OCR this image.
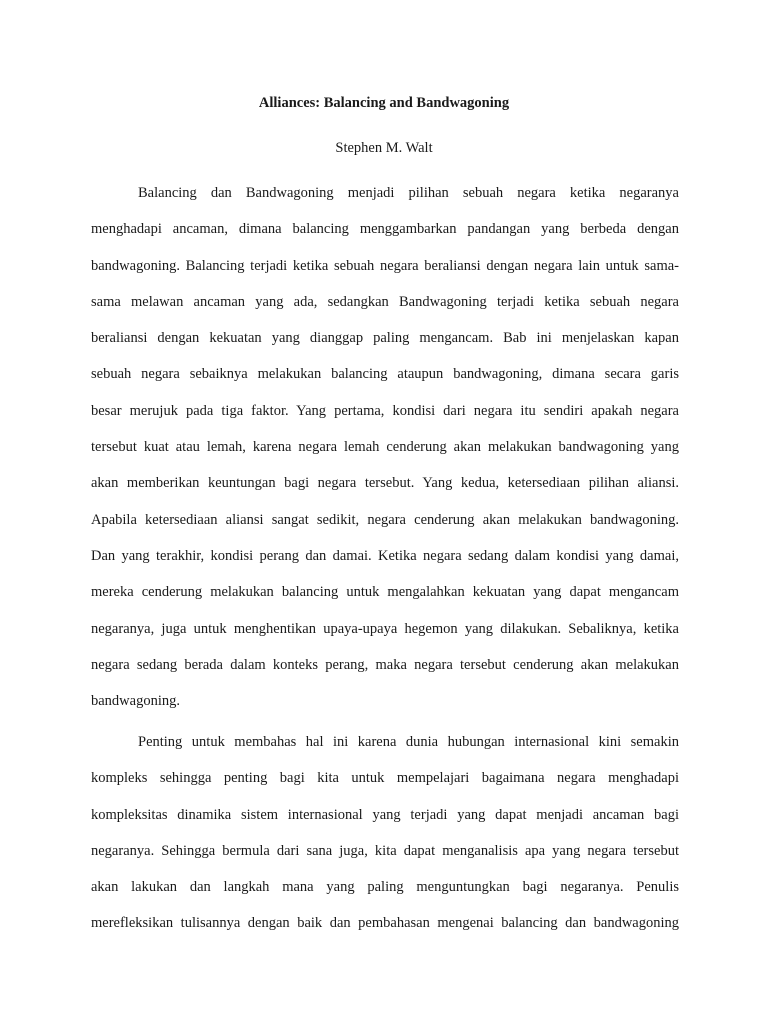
Alliances: Balancing and Bandwagoning

Stephen M. Walt

Balancing dan Bandwagoning menjadi pilihan sebuah negara ketika negaranya
menghadapi ancaman, dimana balancing menggambarkan pandangan yang berbeda dengan
bandwagoning. Balancing terjadi ketika sebuah negara beraliansi dengan negara lain untuk sama-
sama melawan ancaman yang ada, sedangkan Bandwagoning terjadi ketika sebuah negara
beraliansi dengan kekuatan yang dianggap paling mengancam. Bab ini menjelaskan kapan
sebuah negara sebaiknya melakukan balancing ataupun bandwagoning, dimana secara garis
besar merujuk pada tiga faktor. Yang pertama, kondisi dari negara itu sendiri apakah negara
tersebut kuat atau lemah, karena negara lemah cenderung akan melakukan bandwagoning yang
akan memberikan keuntungan bagi negara tersebut. Yang kedua, ketersediaan pilihan aliansi.
Apabila ketersediaan aliansi sangat sedikit, negara cenderung akan melakukan bandwagoning.
Dan yang terakhir, kondisi perang dan damai. Ketika negara sedang dalam kondisi yang damai,
mereka cenderung melakukan balancing untuk mengalahkan kekuatan yang dapat mengancam
negaranya, juga untuk menghentikan upaya-upaya hegemon yang dilakukan. Sebaliknya, ketika
negara sedang berada dalam konteks perang, maka negara tersebut cenderung akan melakukan
bandwagoning.
Penting untuk membahas hal ini karena dunia hubungan internasional kini semakin
kompleks sehingga penting bagi kita untuk mempelajari bagaimana negara menghadapi
kompleksitas dinamika sistem internasional yang terjadi yang dapat menjadi ancaman bagi
negaranya. Sehingga bermula dari sana juga, kita dapat menganalisis apa yang negara tersebut
akan lakukan dan langkah mana yang paling menguntungkan bagi negaranya. Penulis
merefleksikan tulisannya dengan baik dan pembahasan mengenai balancing dan bandwagoning
